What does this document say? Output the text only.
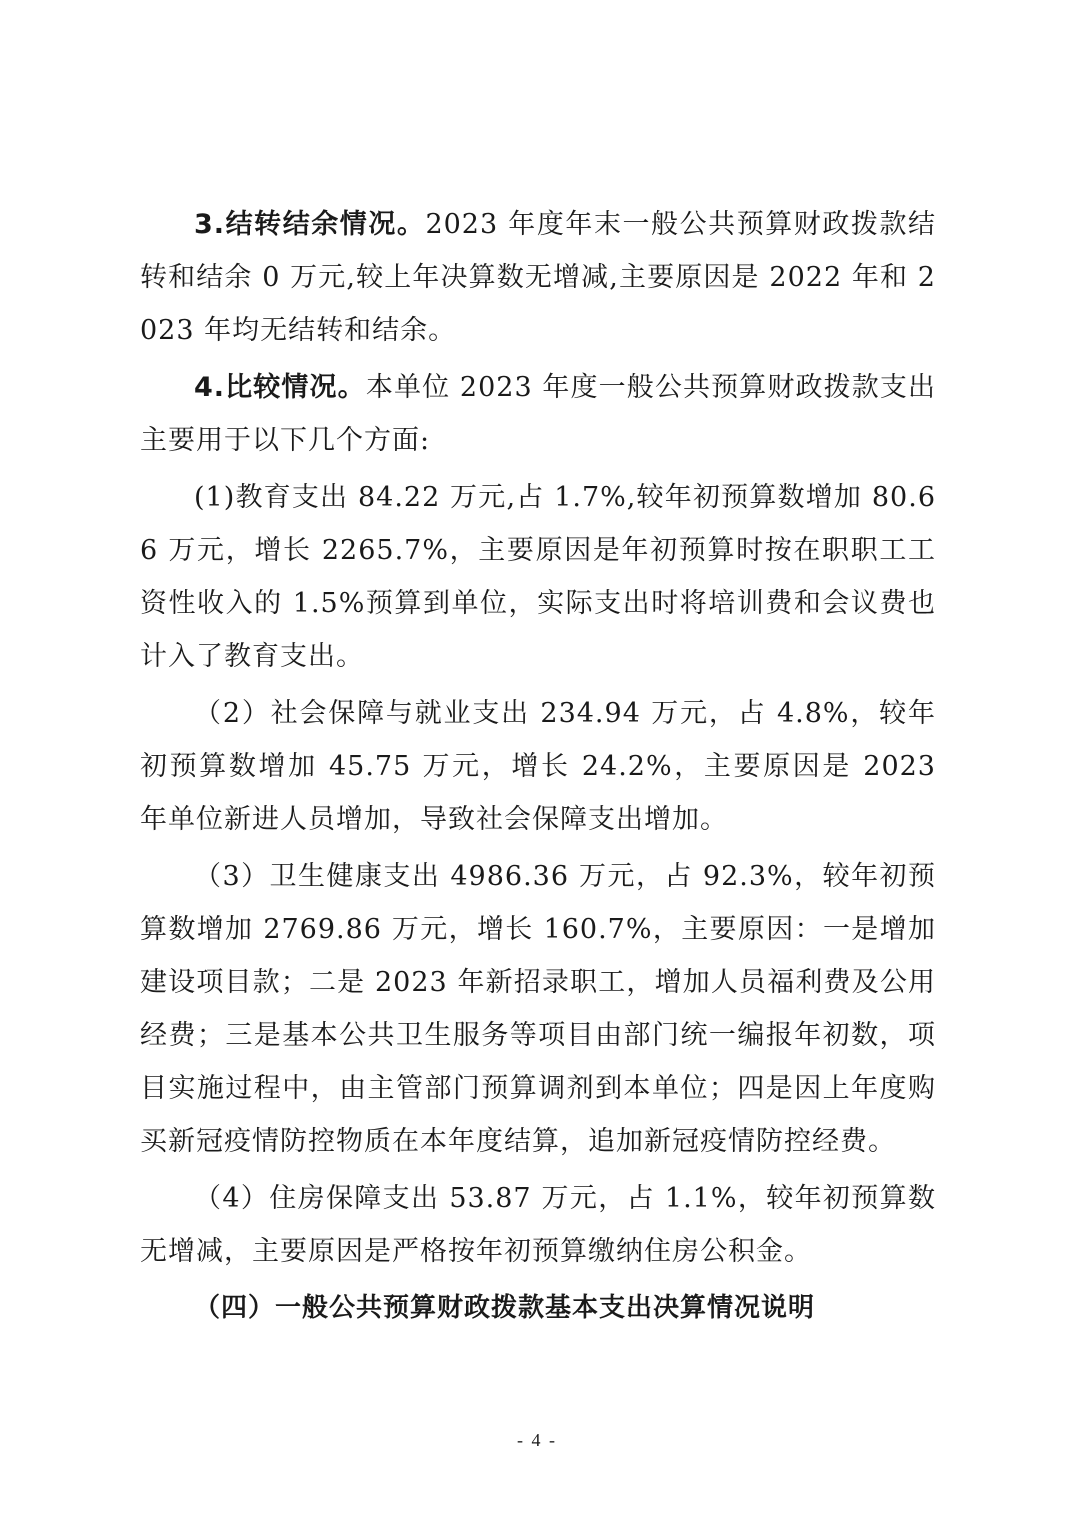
3.结转结余情况。2023 年度年末一般公共预算财政拨款结转和结余 0 万元,较上年决算数无增减,主要原因是 2022 年和 2023 年均无结转和结余。

4.比较情况。本单位 2023 年度一般公共预算财政拨款支出主要用于以下几个方面:

(1)教育支出 84.22 万元,占 1.7%,较年初预算数增加 80.66 万元，增长 2265.7%，主要原因是年初预算时按在职职工工资性收入的 1.5%预算到单位，实际支出时将培训费和会议费也计入了教育支出。

（2）社会保障与就业支出 234.94 万元，占 4.8%，较年初预算数增加 45.75 万元，增长 24.2%，主要原因是 2023 年单位新进人员增加，导致社会保障支出增加。

（3）卫生健康支出 4986.36 万元，占 92.3%，较年初预算数增加 2769.86 万元，增长 160.7%，主要原因：一是增加建设项目款；二是 2023 年新招录职工，增加人员福利费及公用经费；三是基本公共卫生服务等项目由部门统一编报年初数，项目实施过程中，由主管部门预算调剂到本单位；四是因上年度购买新冠疫情防控物质在本年度结算，追加新冠疫情防控经费。

（4）住房保障支出 53.87 万元，占 1.1%，较年初预算数无增减，主要原因是严格按年初预算缴纳住房公积金。

（四）一般公共预算财政拨款基本支出决算情况说明

- 4 -
